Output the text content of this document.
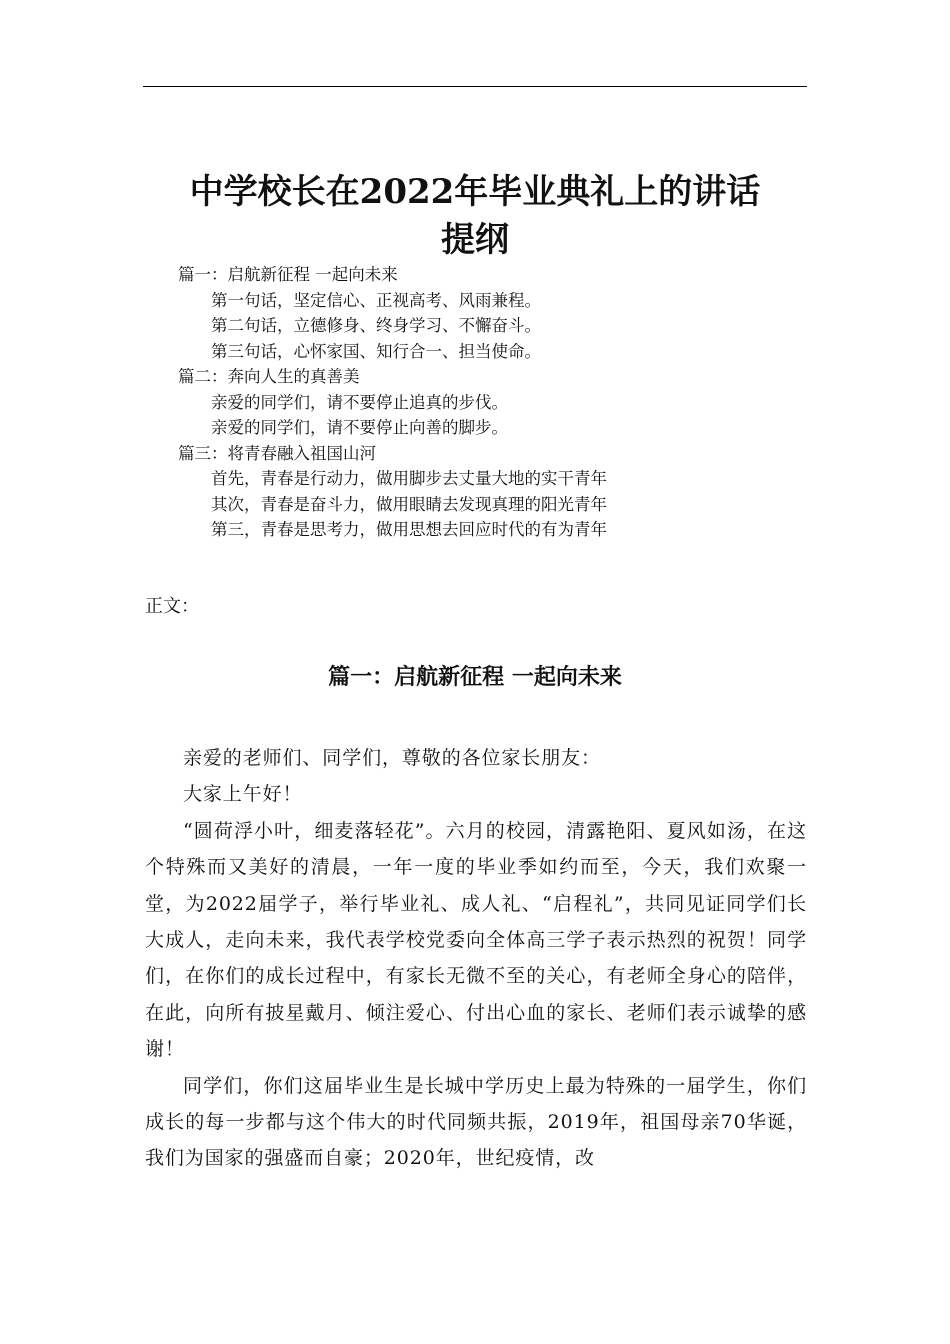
中学校长在2022年毕业典礼上的讲话
提纲

篇一：启航新征程 一起向未来

第一句话，坚定信心、正视高考、风雨兼程。

第二句话，立德修身、终身学习、不懈奋斗。

第三句话，心怀家国、知行合一、担当使命。

篇二：奔向人生的真善美

亲爱的同学们，请不要停止追真的步伐。

亲爱的同学们，请不要停止向善的脚步。

篇三：将青春融入祖国山河

首先，青春是行动力，做用脚步去丈量大地的实干青年

其次，青春是奋斗力，做用眼睛去发现真理的阳光青年

第三，青春是思考力，做用思想去回应时代的有为青年

正文：

篇一：启航新征程 一起向未来

亲爱的老师们、同学们，尊敬的各位家长朋友：

大家上午好！

“圆荷浮小叶，细麦落轻花”。六月的校园，清露艳阳、夏风如汤，在这个特殊而又美好的清晨，一年一度的毕业季如约而至，今天，我们欢聚一堂，为2022届学子，举行毕业礼、成人礼、“启程礼”，共同见证同学们长大成人，走向未来，我代表学校党委向全体高三学子表示热烈的祝贺！同学们，在你们的成长过程中，有家长无微不至的关心，有老师全身心的陪伴，在此，向所有披星戴月、倾注爱心、付出心血的家长、老师们表示诚挚的感谢！

同学们，你们这届毕业生是长城中学历史上最为特殊的一届学生，你们成长的每一步都与这个伟大的时代同频共振，2019年，祖国母亲70华诞，我们为国家的强盛而自豪；2020年，世纪疫情，改
